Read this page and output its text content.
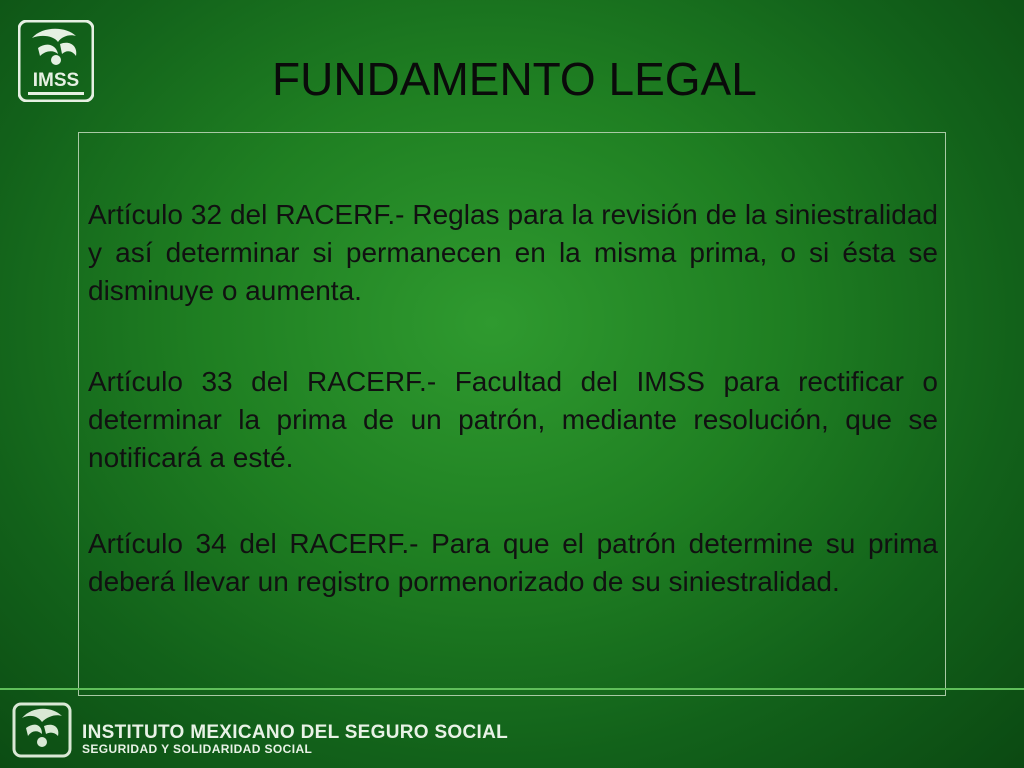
IMSS	FUNDAMENTO LEGAL

Artículo 32 del RACERF.- Reglas para la revisión de la siniestralidad y así determinar si permanecen en la misma prima, o si ésta se disminuye o aumenta.

Artículo 33 del RACERF.- Facultad del IMSS para rectificar o determinar la prima de un patrón, mediante resolución, que se notificará a esté.

Artículo 34 del RACERF.- Para que el patrón determine su prima deberá llevar un registro pormenorizado de su siniestralidad.

INSTITUTO MEXICANO DEL SEGURO SOCIAL
SEGURIDAD Y SOLIDARIDAD SOCIAL
